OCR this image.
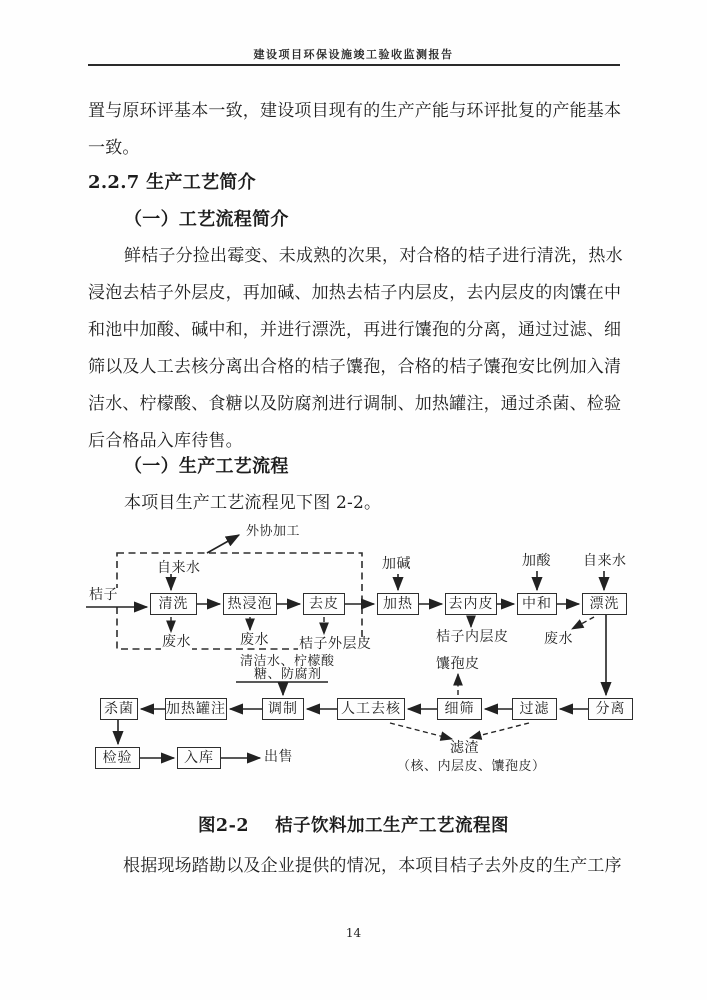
建设项目环保设施竣工验收监测报告
置与原环评基本一致，建设项目现有的生产产能与环评批复的产能基本
一致。
2.2.7 生产工艺简介
（一）工艺流程简介
鲜桔子分捡出霉变、未成熟的次果，对合格的桔子进行清洗，热水
浸泡去桔子外层皮，再加碱、加热去桔子内层皮，去内层皮的肉馕在中
和池中加酸、碱中和，并进行漂洗，再进行馕孢的分离，通过过滤、细
筛以及人工去核分离出合格的桔子馕孢，合格的桔子馕孢安比例加入清
洁水、柠檬酸、食糖以及防腐剂进行调制、加热罐注，通过杀菌、检验
后合格品入库待售。
（一）生产工艺流程
本项目生产工艺流程见下图 2-2。
清洗	热浸泡	去皮	加热	去内皮	中和	漂洗
分离
过滤
细筛
人工去核
调制
加热罐注
杀菌
检验	入库
外协加工
桔子
自来水	加碱	加酸 自来水
清洁水、柠檬酸
糖、防腐剂
废水	废水 桔子外层皮	桔子内层皮
馕孢皮
废水
滤渣
（核、内层皮、馕孢皮）
出售
图2-2 桔子饮料加工生产工艺流程图
根据现场踏勘以及企业提供的情况，本项目桔子去外皮的生产工序
14
